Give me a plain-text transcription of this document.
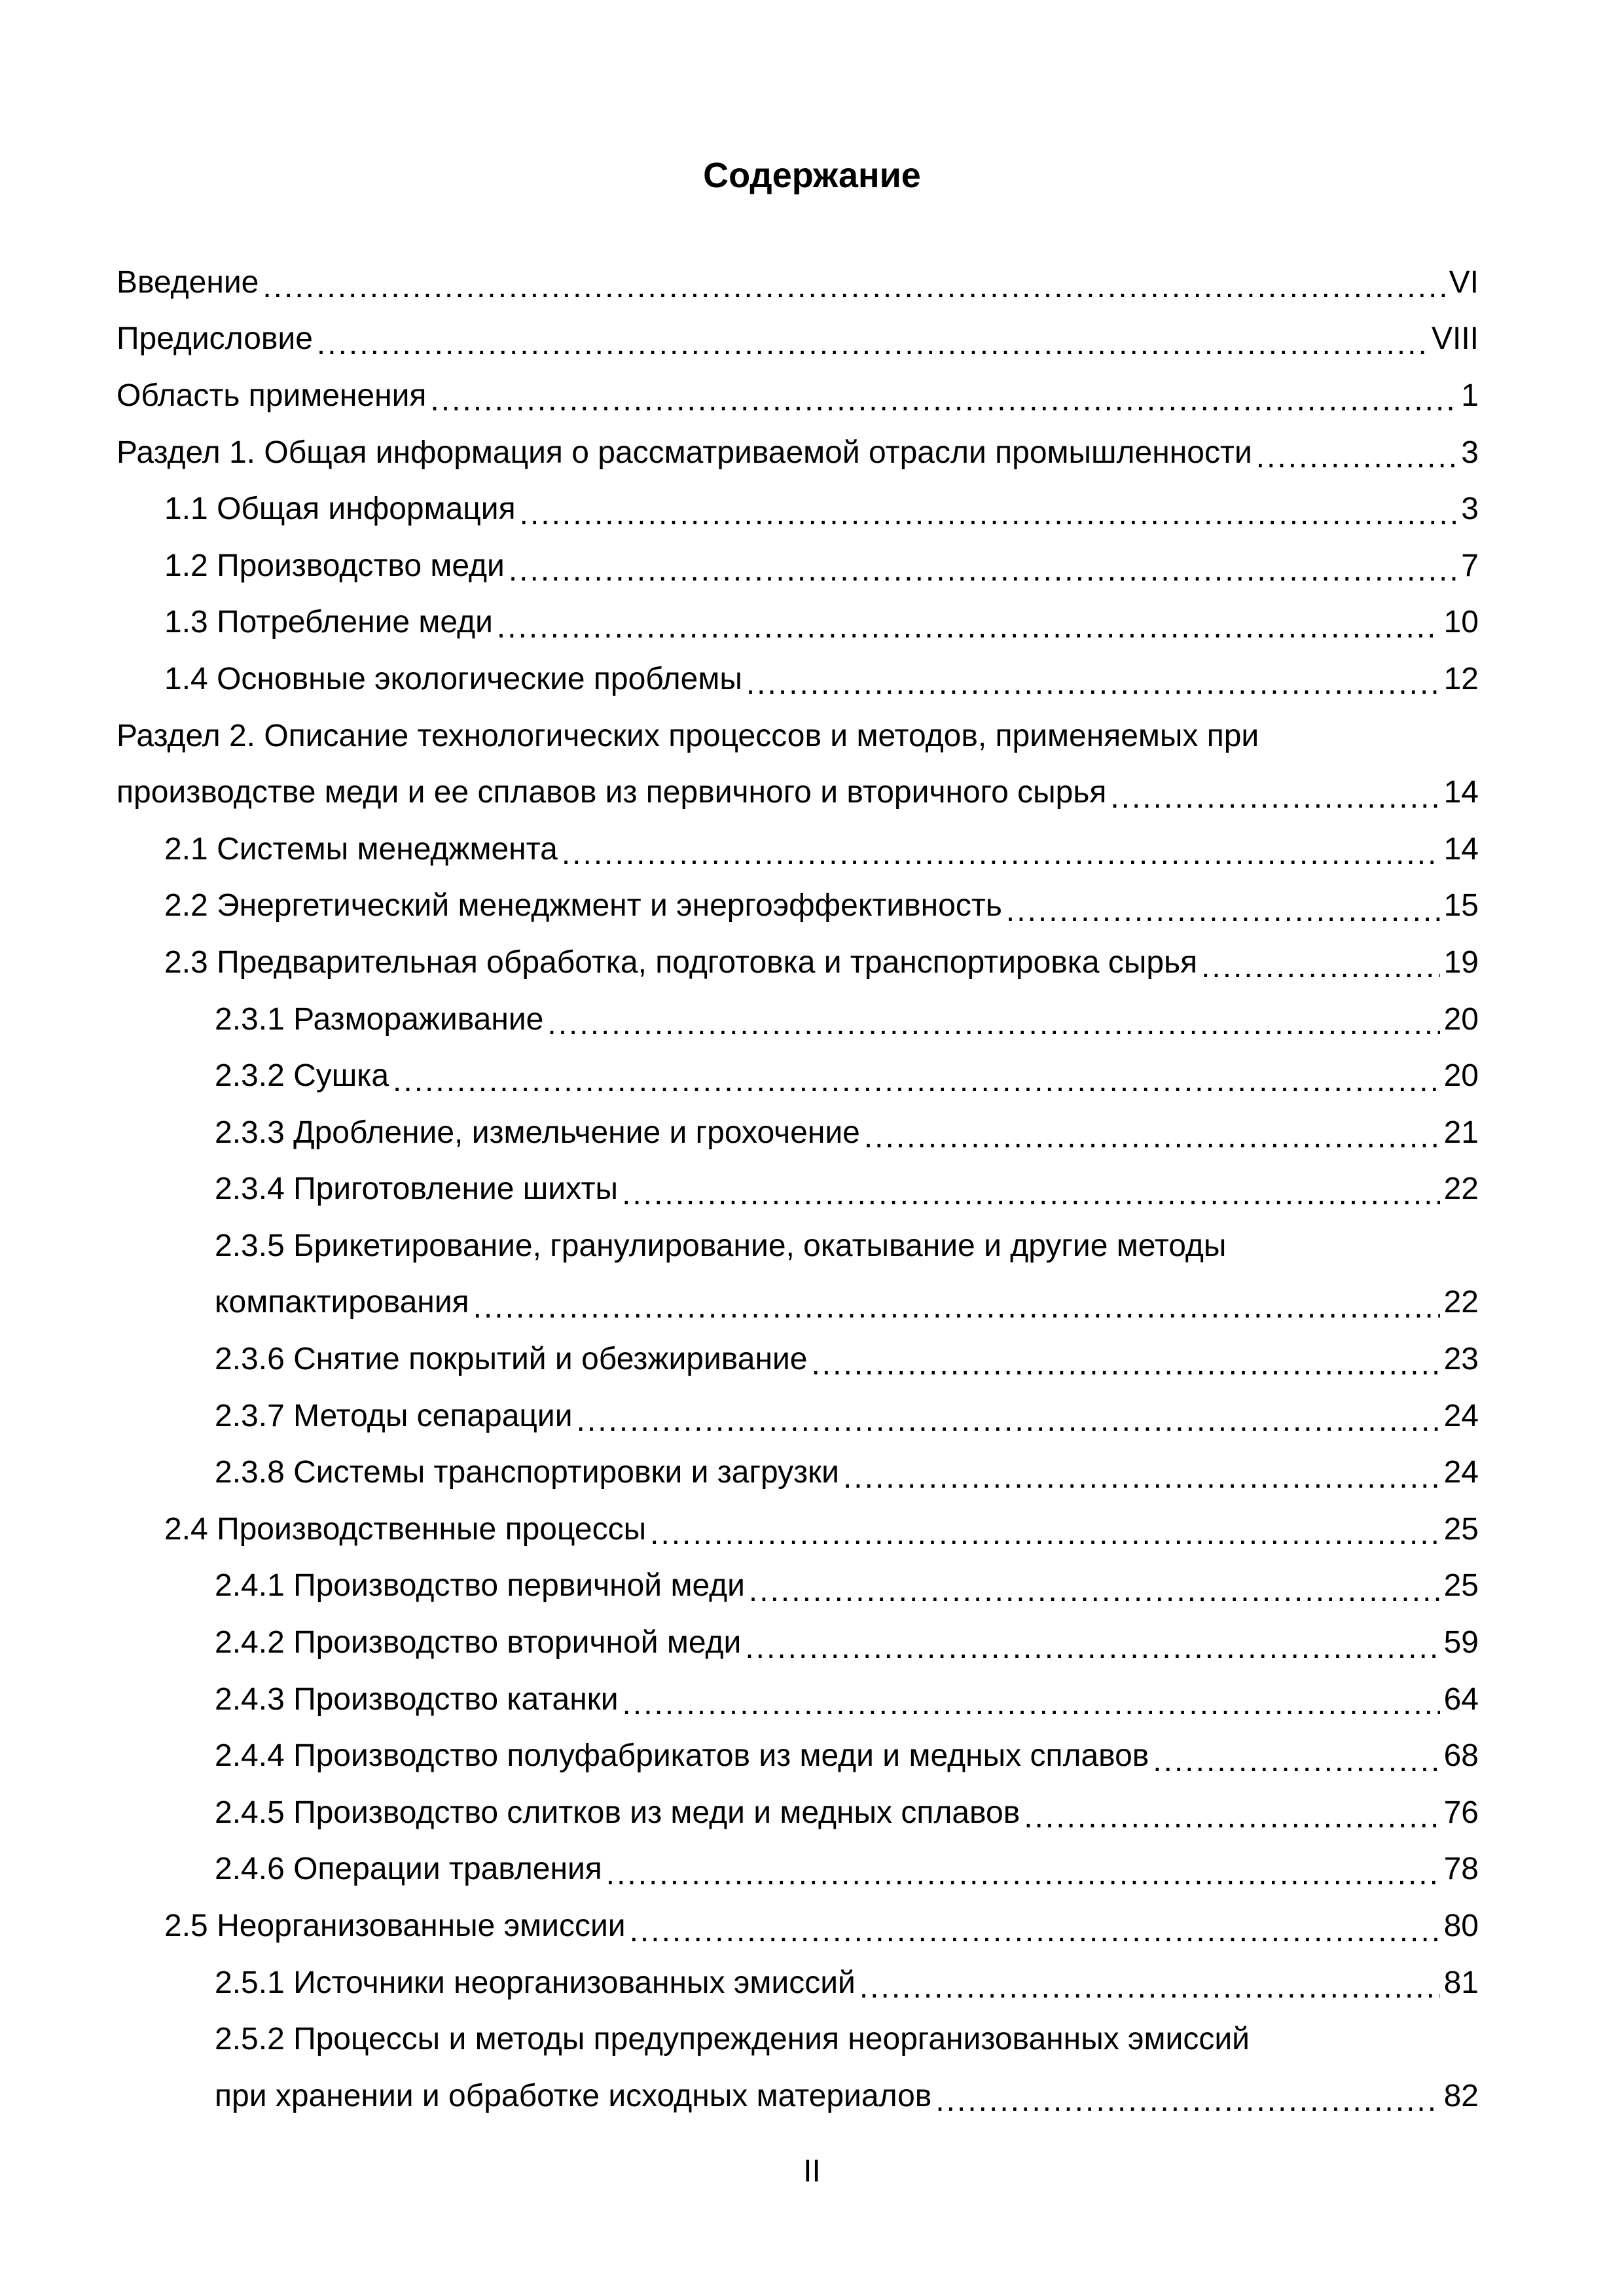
Содержание
Введение .....	VI
Предисловие .....	VIII
Область применения .....	1
Раздел 1. Общая информация о рассматриваемой отрасли промышленности .....	3
1.1 Общая информация .....	3
1.2 Производство меди .....	7
1.3 Потребление меди .....	10
1.4 Основные экологические проблемы .....	12
Раздел 2. Описание технологических процессов и методов, применяемых при
производстве меди и ее сплавов из первичного и вторичного сырья .....	14
2.1 Системы менеджмента .....	14
2.2 Энергетический менеджмент и энергоэффективность .....	15
2.3 Предварительная обработка, подготовка и транспортировка сырья .....	19
2.3.1 Размораживание .....	20
2.3.2 Сушка .....	20
2.3.3 Дробление, измельчение и грохочение .....	21
2.3.4 Приготовление шихты .....	22
2.3.5 Брикетирование, гранулирование, окатывание и другие методы
компактирования .....	22
2.3.6 Снятие покрытий и обезжиривание .....	23
2.3.7 Методы сепарации .....	24
2.3.8 Системы транспортировки и загрузки .....	24
2.4 Производственные процессы .....	25
2.4.1 Производство первичной меди .....	25
2.4.2 Производство вторичной меди .....	59
2.4.3 Производство катанки .....	64
2.4.4 Производство полуфабрикатов из меди и медных сплавов .....	68
2.4.5 Производство слитков из меди и медных сплавов .....	76
2.4.6 Операции травления .....	78
2.5 Неорганизованные эмиссии .....	80
2.5.1 Источники неорганизованных эмиссий .....	81
2.5.2 Процессы и методы предупреждения неорганизованных эмиссий
при хранении и обработке исходных материалов .....	82
II
